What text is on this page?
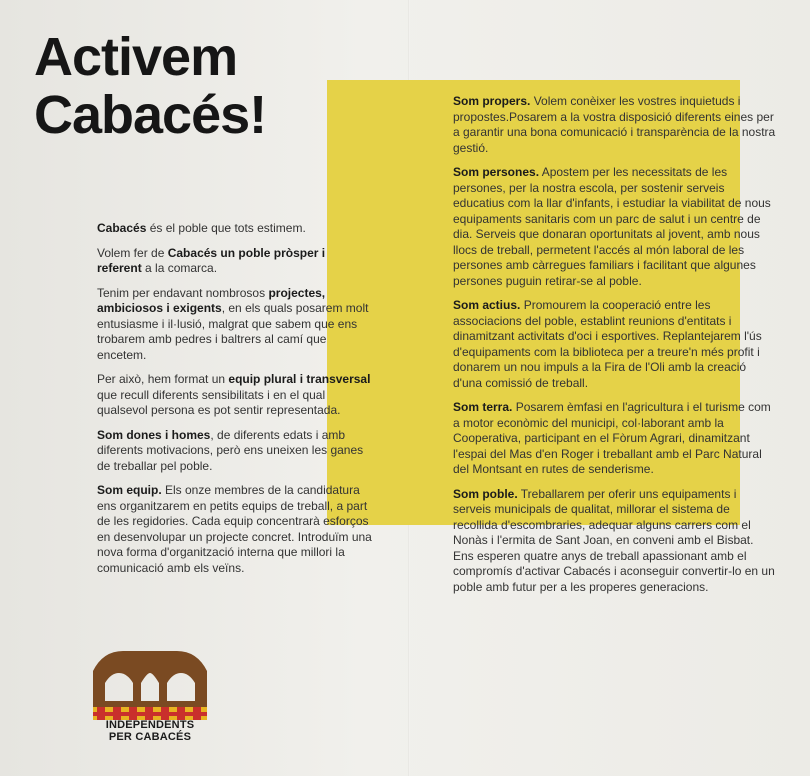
Activem
Cabacés!

Cabacés és el poble que tots estimem.

Volem fer de Cabacés un poble pròsper i referent a la comarca.

Tenim per endavant nombrosos projectes, ambiciosos i exigents, en els quals posarem molt entusiasme i il·lusió, malgrat que sabem que ens trobarem amb pedres i baltrers al camí que encetem.

Per això, hem format un equip plural i transversal que recull diferents sensibilitats i en el qual qualsevol persona es pot sentir representada.

Som dones i homes, de diferents edats i amb diferents motivacions, però ens uneixen les ganes de treballar pel poble.

Som equip. Els onze membres de la candidatura ens organitzarem en petits equips de treball, a part de les regidories. Cada equip concentrarà esforços en desenvolupar un projecte concret. Introduïm una nova forma d'organització interna que millori la comunicació amb els veïns.

Som propers. Volem conèixer les vostres inquietuds i propostes.Posarem a la vostra disposició diferents eines per a garantir una bona comunicació i transparència de la nostra gestió.

Som persones. Apostem per les necessitats de les persones, per la nostra escola, per sostenir serveis educatius com la llar d'infants, i estudiar la viabilitat de nous equipaments sanitaris com un parc de salut i un centre de dia. Serveis que donaran oportunitats al jovent, amb nous llocs de treball, permetent l'accés al món laboral de les persones amb càrregues familiars i facilitant que algunes persones puguin retirar-se al poble.

Som actius. Promourem la cooperació entre les associacions del poble, establint reunions d'entitats i dinamitzant activitats d'oci i esportives. Replantejarem l'ús d'equipaments com la biblioteca per a treure'n més profit i donarem un nou impuls a la Fira de l'Oli amb la creació d'una comissió de treball.

Som terra. Posarem èmfasi en l'agricultura i el turisme com a motor econòmic del municipi, col·laborant amb la Cooperativa, participant en el Fòrum Agrari, dinamitzant l'espai del Mas d'en Roger i treballant amb el Parc Natural del Montsant en rutes de senderisme.

Som poble. Treballarem per oferir uns equipaments i serveis municipals de qualitat, millorar el sistema de recollida d'escombraries, adequar alguns carrers com el Nonàs i l'ermita de Sant Joan, en conveni amb el Bisbat. Ens esperen quatre anys de treball apassionant amb el compromís d'activar Cabacés i aconseguir convertir-lo en un poble amb futur per a les properes generacions.

INDEPENDENTS
PER CABACÉS
